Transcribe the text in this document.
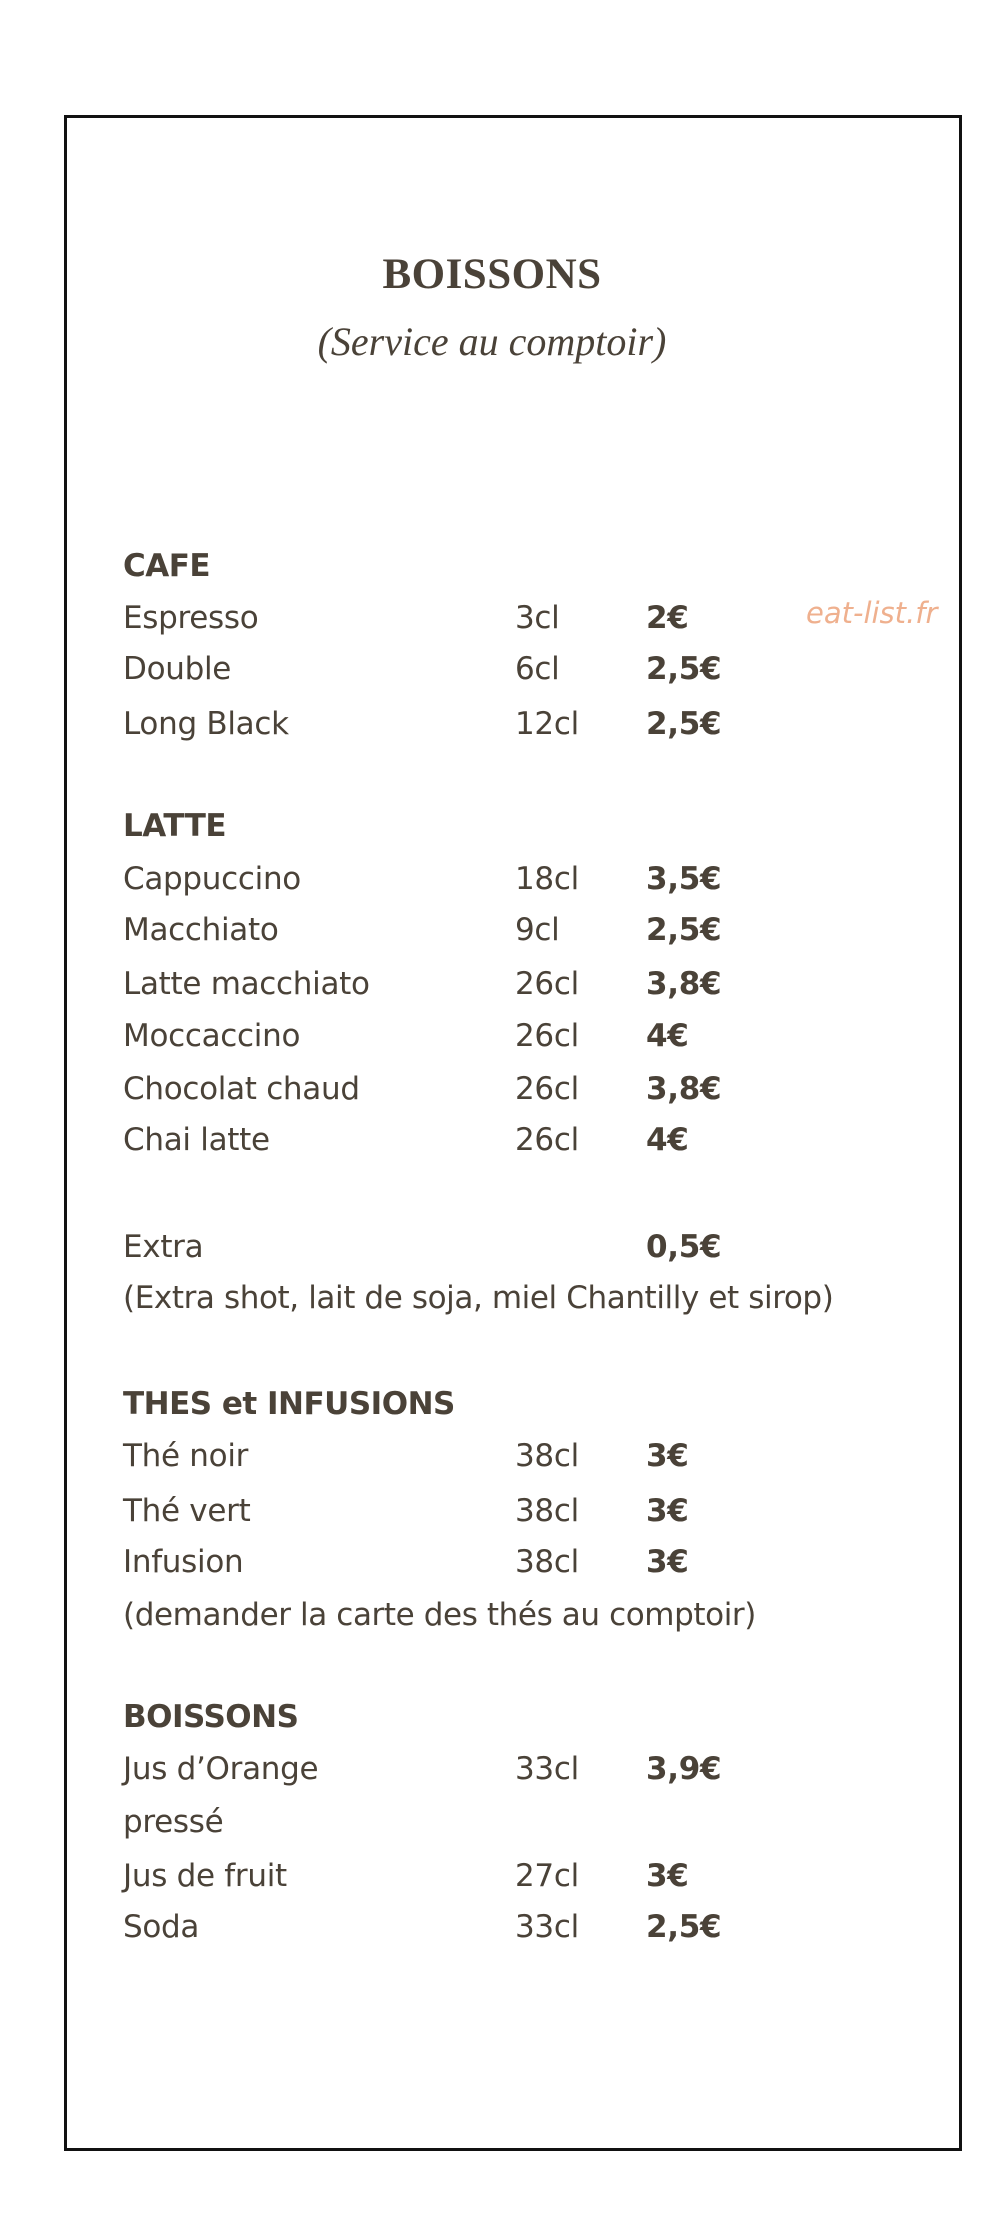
BOISSONS
(Service au comptoir)
eat-list.fr
CAFE
Espresso	3cl	2€
Double	6cl	2,5€
Long Black	12cl 2,5€
LATTE
Cappuccino	18cl 3,5€
Macchiato	9cl	2,5€
Latte macchiato	26cl 3,8€
Moccaccino	26cl 4€
Chocolat chaud	26cl 3,8€
Chai latte	26cl 4€
Extra	0,5€
(Extra shot, lait de soja, miel Chantilly et sirop)
THES et INFUSIONS
Thé noir	38cl 3€
Thé vert	38cl 3€
Infusion	38cl 3€
(demander la carte des thés au comptoir)
BOISSONS
Jus d’Orange	33cl 3,9€
pressé
Jus de fruit	27cl 3€
Soda	33cl 2,5€
